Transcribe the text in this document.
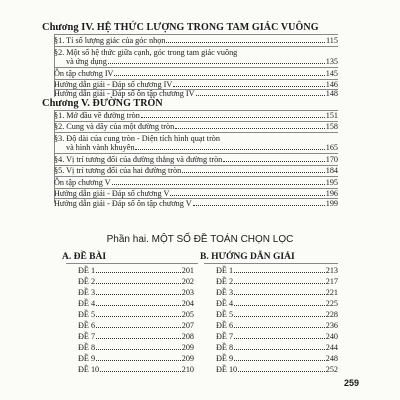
Chương IV. HỆ THỨC LƯỢNG TRONG TAM GIÁC VUÔNG
§1. Tỉ số lượng giác của góc nhọn	115
§2. Một số hệ thức giữa cạnh, góc trong tam giác vuông
và ứng dụng	135
Ôn tập chương IV	145
Hướng dẫn giải - Đáp số chương IV	146
Hướng dẫn giải - Đáp số ôn tập chương IV	148
Chương V. ĐƯỜNG TRÒN
§1. Mở đầu về đường tròn	151
§2. Cung và dây của một đường tròn	158
§3. Độ dài của cung tròn - Diện tích hình quạt tròn
và hình vành khuyên	165
§4. Vị trí tương đối của đường thẳng và đường tròn	170
§5. Vị trí tương đối của hai đường tròn	184
Ôn tập chương V	195
Hướng dẫn giải - Đáp số chương V	196
Hướng dẫn giải - Đáp số ôn tập chương V	199
Phần hai. MỘT SỐ ĐỀ TOÁN CHỌN LỌC
A. ĐỀ BÀI	B. HƯỚNG DẪN GIẢI
ĐỀ 1	201
ĐỀ 2	202
ĐỀ 3	203
ĐỀ 4	204
ĐỀ 5	205
ĐỀ 6	207
ĐỀ 7	208
ĐỀ 8	209
ĐỀ 9	209
ĐỀ 10	210
ĐỀ 1	213
ĐỀ 2	217
ĐỀ 3	221
ĐỀ 4	225
ĐỀ 5	228
ĐỀ 6	236
ĐỀ 7	240
ĐỀ 8	244
ĐỀ 9	248
ĐỀ 10	252
259
